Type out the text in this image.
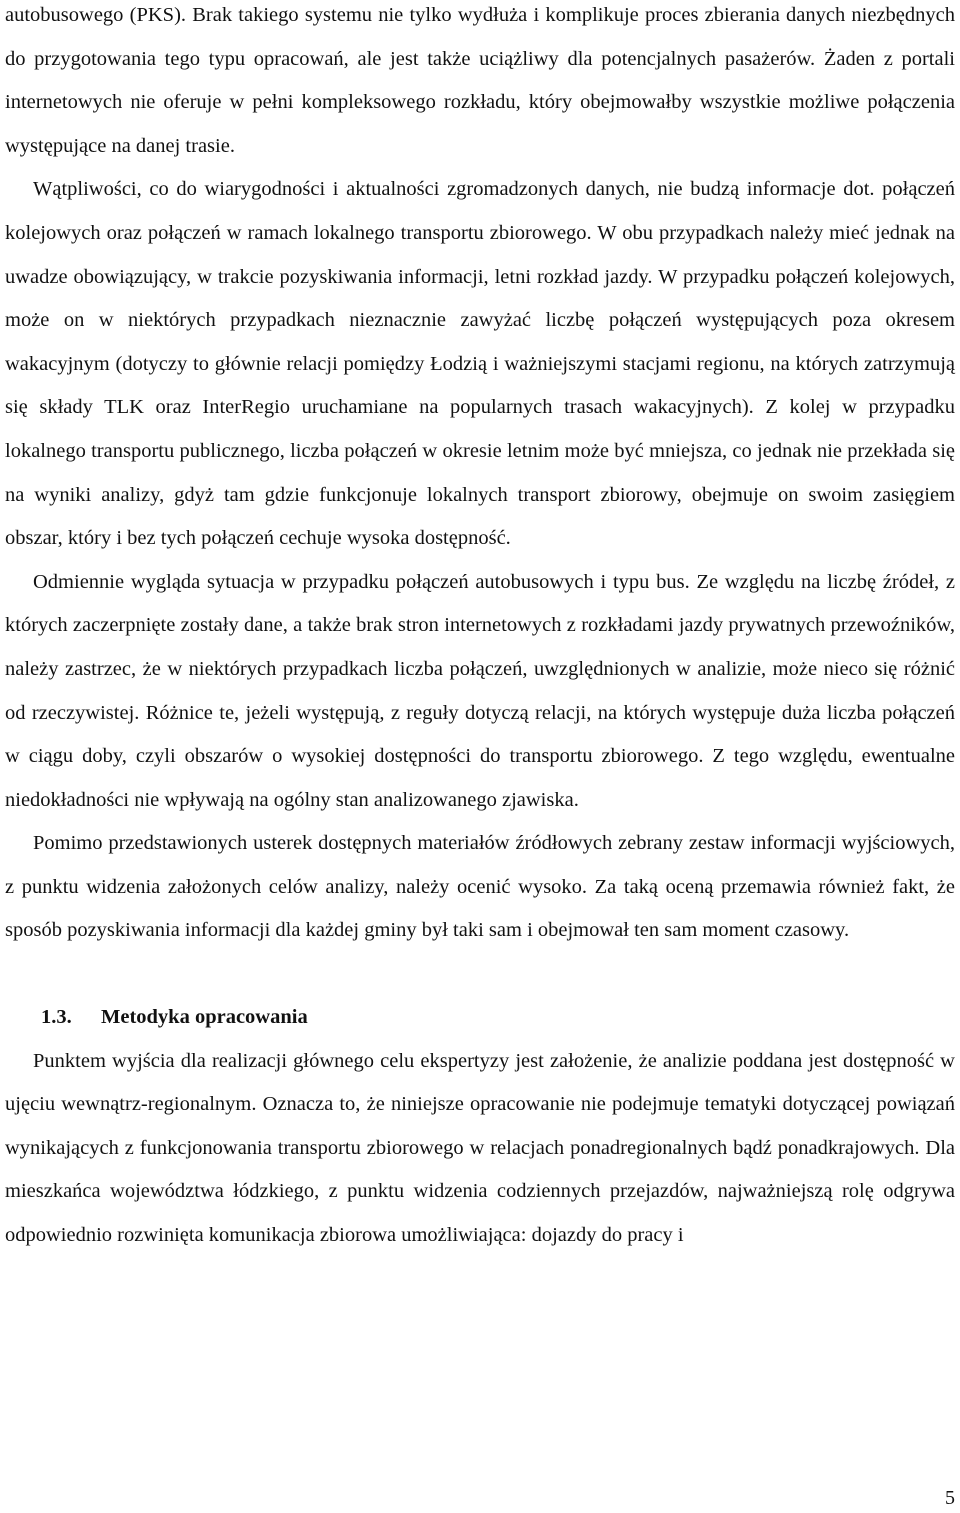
autobusowego (PKS). Brak takiego systemu nie tylko wydłuża i komplikuje proces zbierania danych niezbędnych do przygotowania tego typu opracowań, ale jest także uciążliwy dla potencjalnych pasażerów. Żaden z portali internetowych nie oferuje w pełni kompleksowego rozkładu, który obejmowałby wszystkie możliwe połączenia występujące na danej trasie.

Wątpliwości, co do wiarygodności i aktualności zgromadzonych danych, nie budzą informacje dot. połączeń kolejowych oraz połączeń w ramach lokalnego transportu zbiorowego. W obu przypadkach należy mieć jednak na uwadze obowiązujący, w trakcie pozyskiwania informacji, letni rozkład jazdy. W przypadku połączeń kolejowych, może on w niektórych przypadkach nieznacznie zawyżać liczbę połączeń występujących poza okresem wakacyjnym (dotyczy to głównie relacji pomiędzy Łodzią i ważniejszymi stacjami regionu, na których zatrzymują się składy TLK oraz InterRegio uruchamiane na popularnych trasach wakacyjnych). Z kolej w przypadku lokalnego transportu publicznego, liczba połączeń w okresie letnim może być mniejsza, co jednak nie przekłada się na wyniki analizy, gdyż tam gdzie funkcjonuje lokalnych transport zbiorowy, obejmuje on swoim zasięgiem obszar, który i bez tych połączeń cechuje wysoka dostępność.

Odmiennie wygląda sytuacja w przypadku połączeń autobusowych i typu bus. Ze względu na liczbę źródeł, z których zaczerpnięte zostały dane, a także brak stron internetowych z rozkładami jazdy prywatnych przewoźników, należy zastrzec, że w niektórych przypadkach liczba połączeń, uwzględnionych w analizie, może nieco się różnić od rzeczywistej. Różnice te, jeżeli występują, z reguły dotyczą relacji, na których występuje duża liczba połączeń w ciągu doby, czyli obszarów o wysokiej dostępności do transportu zbiorowego. Z tego względu, ewentualne niedokładności nie wpływają na ogólny stan analizowanego zjawiska.

Pomimo przedstawionych usterek dostępnych materiałów źródłowych zebrany zestaw informacji wyjściowych, z punktu widzenia założonych celów analizy, należy ocenić wysoko. Za taką oceną przemawia również fakt, że sposób pozyskiwania informacji dla każdej gminy był taki sam i obejmował ten sam moment czasowy.

1.3. Metodyka opracowania

Punktem wyjścia dla realizacji głównego celu ekspertyzy jest założenie, że analizie poddana jest dostępność w ujęciu wewnątrz-regionalnym. Oznacza to, że niniejsze opracowanie nie podejmuje tematyki dotyczącej powiązań wynikających z funkcjonowania transportu zbiorowego w relacjach ponadregionalnych bądź ponadkrajowych. Dla mieszkańca województwa łódzkiego, z punktu widzenia codziennych przejazdów, najważniejszą rolę odgrywa odpowiednio rozwinięta komunikacja zbiorowa umożliwiająca: dojazdy do pracy i

5
